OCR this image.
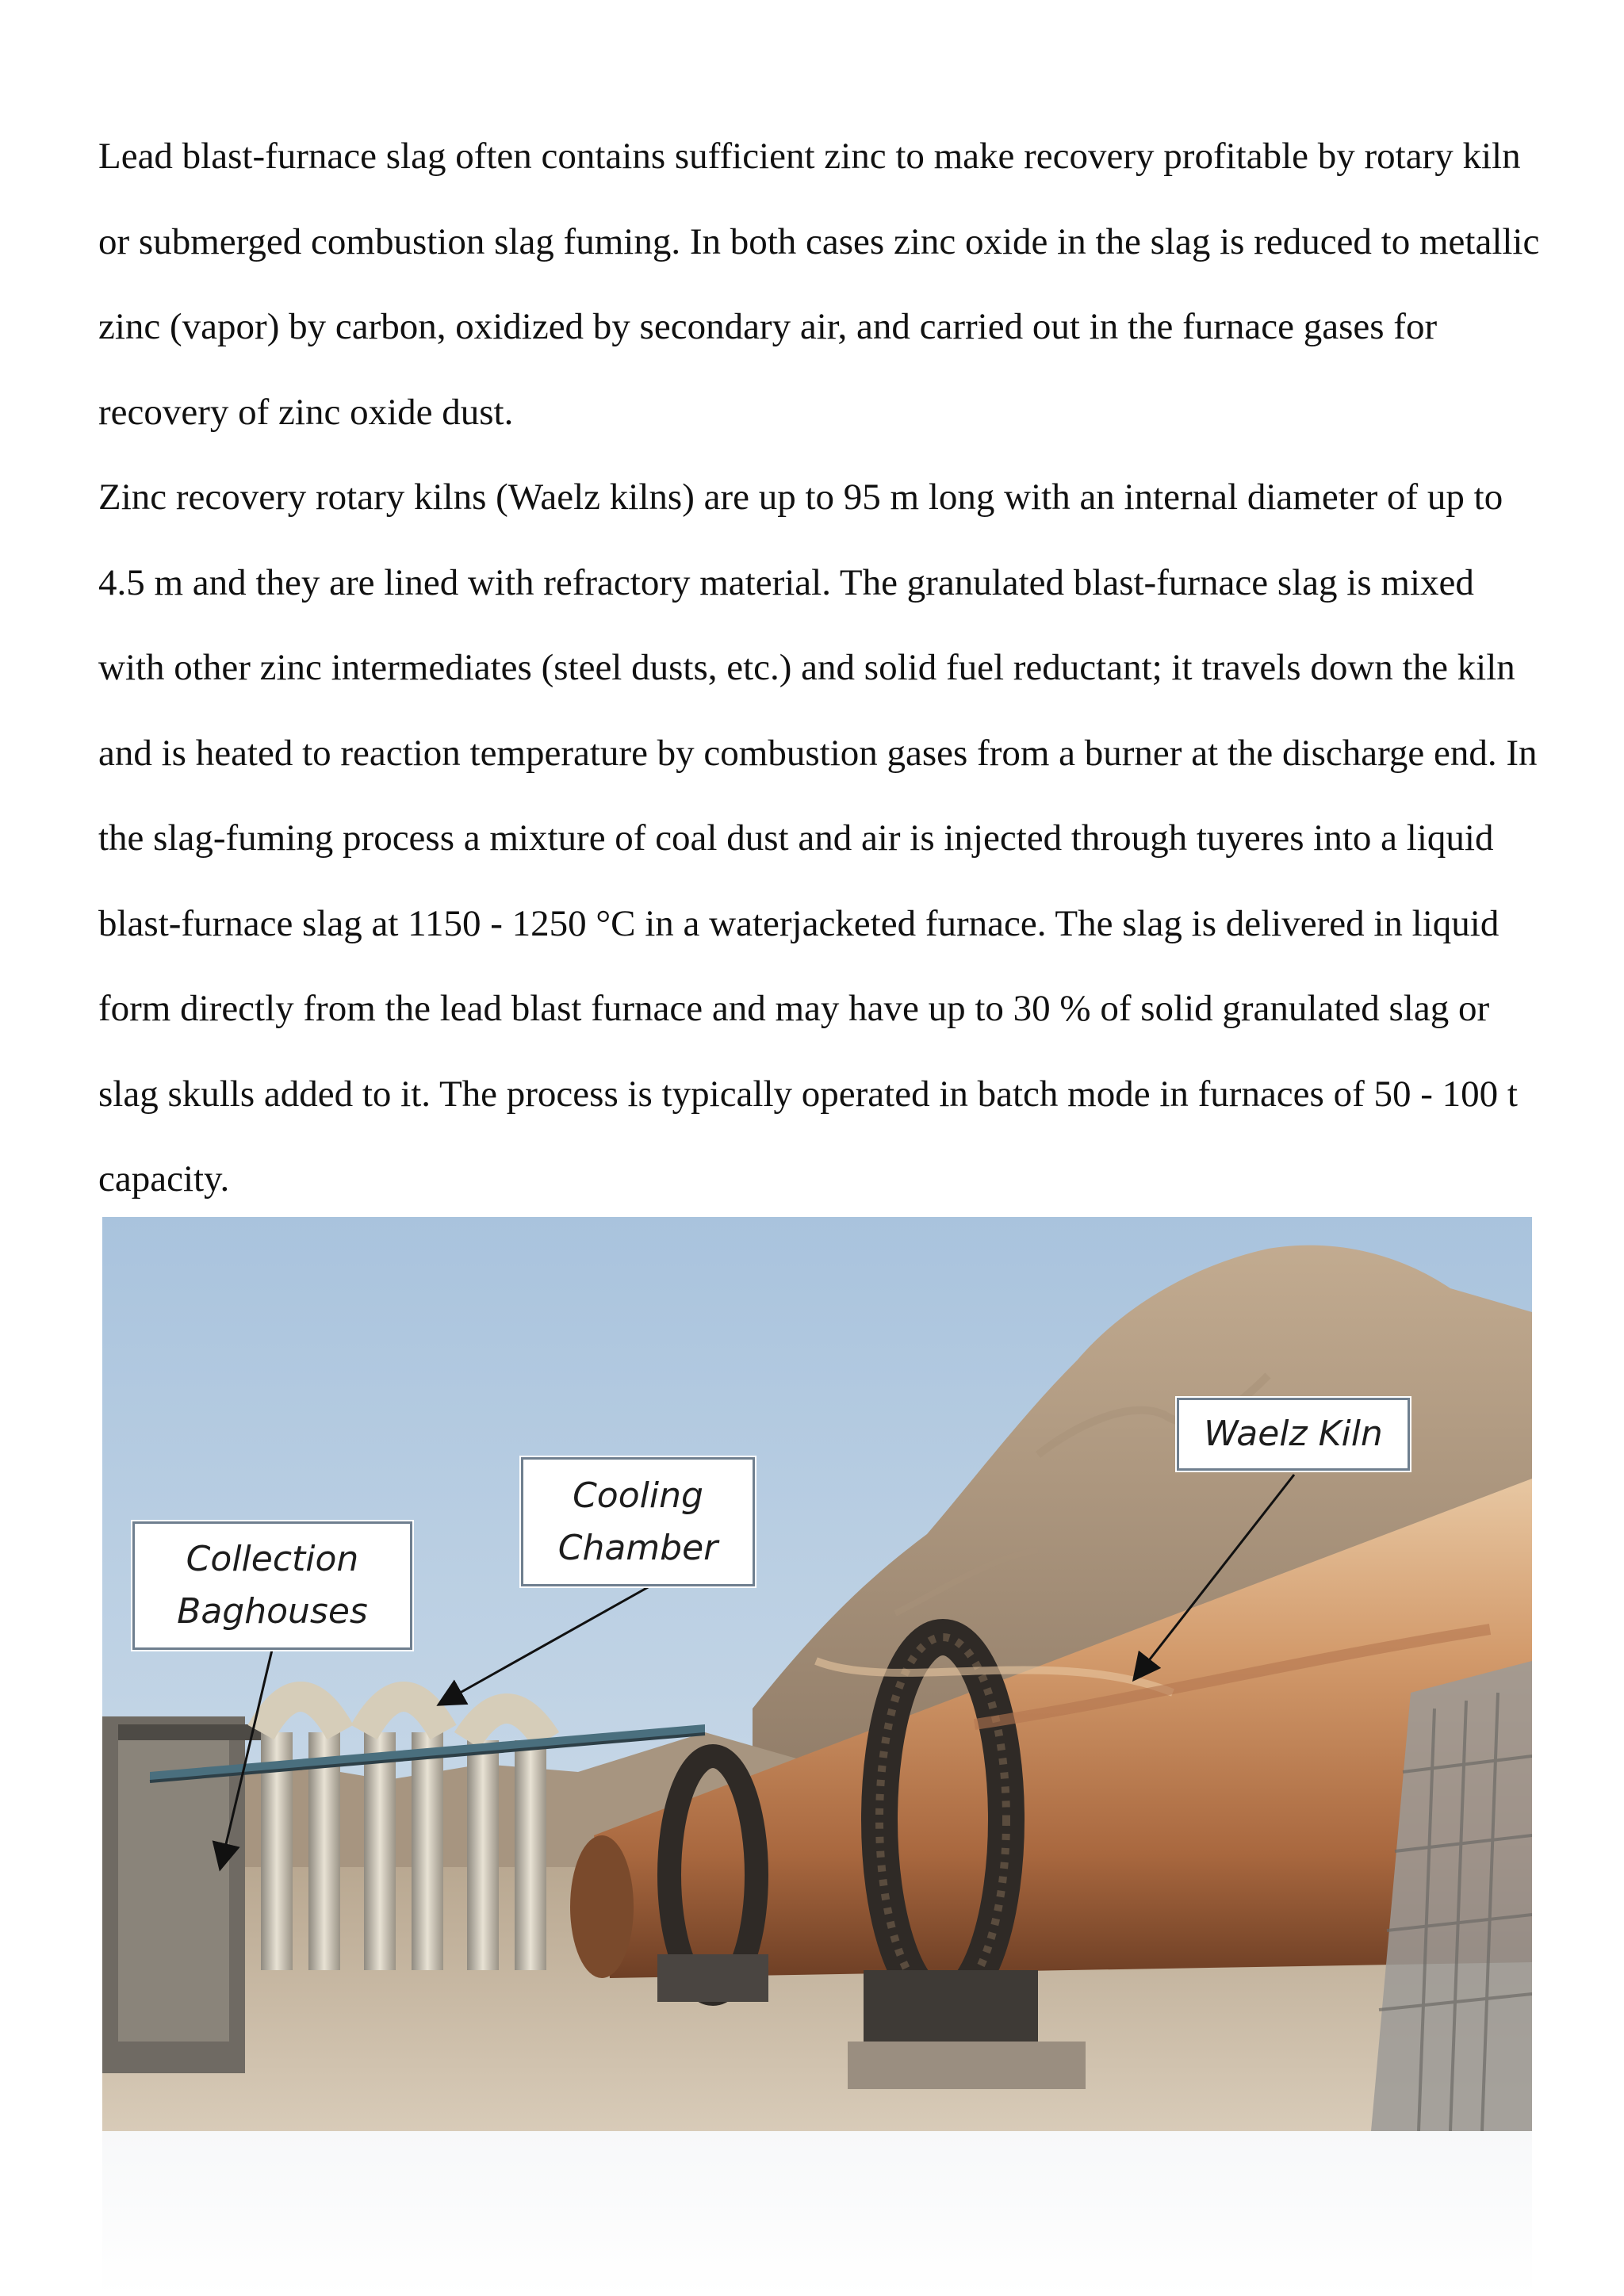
Lead blast-furnace slag often contains sufficient zinc to make recovery profitable by rotary kiln or submerged combustion slag fuming. In both cases zinc oxide in the slag is reduced to metallic zinc (vapor) by carbon, oxidized by secondary air, and carried out in the furnace gases for recovery of zinc oxide dust.

Zinc recovery rotary kilns (Waelz kilns) are up to 95 m long with an internal diameter of up to 4.5 m and they are lined with refractory material. The granulated blast-furnace slag is mixed with other zinc intermediates (steel dusts, etc.) and solid fuel reductant; it travels down the kiln and is heated to reaction temperature by combustion gases from a burner at the discharge end. In the slag-fuming process a mixture of coal dust and air is injected through tuyeres into a liquid blast-furnace slag at 1150 - 1250 °C in a waterjacketed furnace. The slag is delivered in liquid form directly from the lead blast furnace and may have up to 30 % of solid granulated slag or slag skulls added to it. The process is typically operated in batch mode in furnaces of 50 - 100 t capacity.

Waelz Kiln
Cooling
Chamber
Collection
Baghouses
